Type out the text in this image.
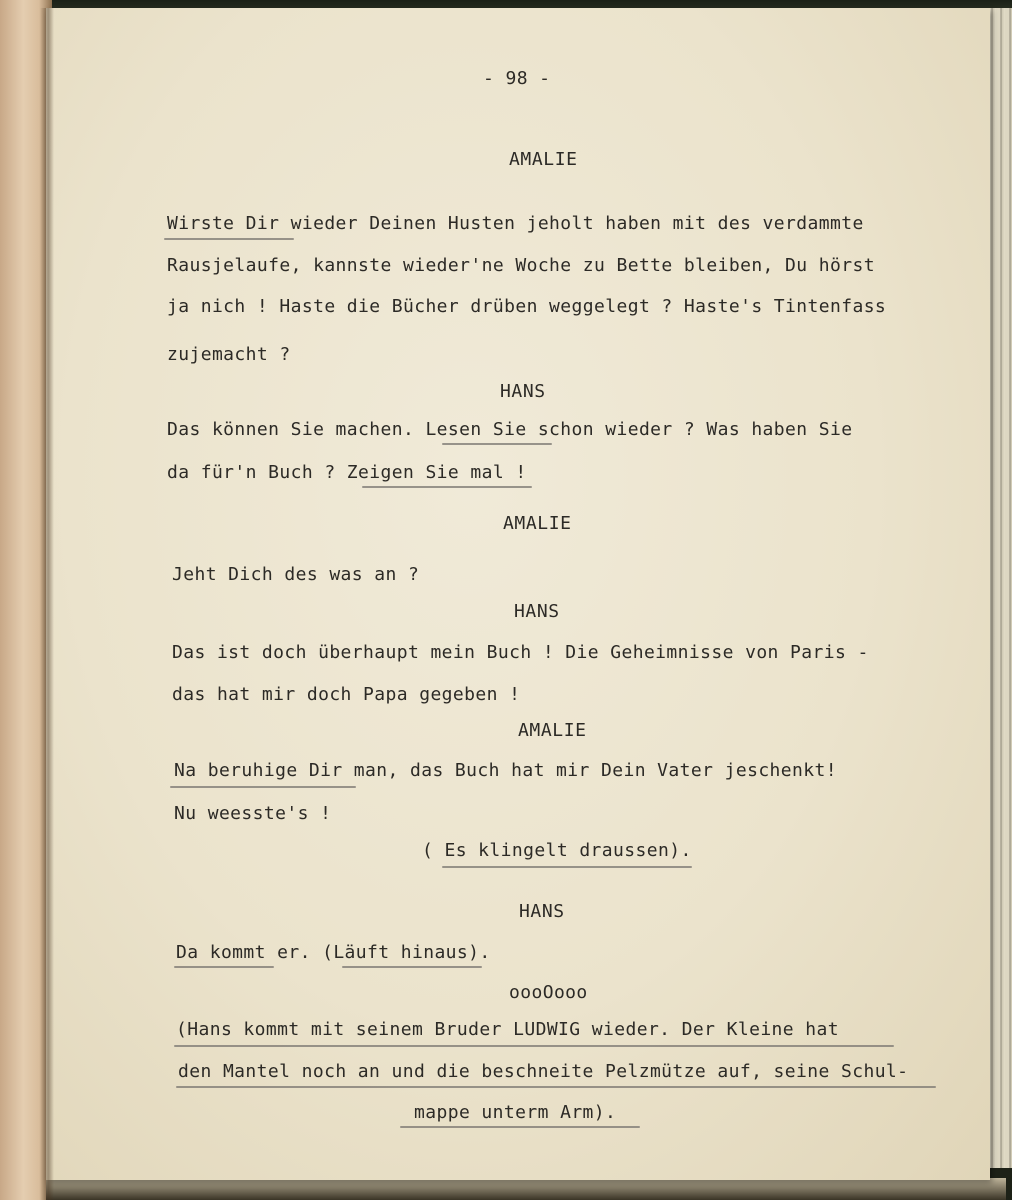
- 98 -

AMALIE

Wirste Dir wieder Deinen Husten jeholt haben mit des verdammte

Rausjelaufe, kannste wieder'ne Woche zu Bette bleiben, Du hörst

ja nich ! Haste die Bücher drüben weggelegt ? Haste's Tintenfass

zujemacht ?

HANS

Das können Sie machen. Lesen Sie schon wieder ? Was haben Sie

da für'n Buch ? Zeigen Sie mal !

AMALIE

Jeht Dich des was an ?

HANS

Das ist doch überhaupt mein Buch ! Die Geheimnisse von Paris -

das hat mir doch Papa gegeben !

AMALIE

Na beruhige Dir man, das Buch hat mir Dein Vater jeschenkt!

Nu weesste's !

( Es klingelt draussen).

HANS

Da kommt er. (Läuft hinaus).

oooOooo

(Hans kommt mit seinem Bruder LUDWIG wieder. Der Kleine hat

den Mantel noch an und die beschneite Pelzmütze auf, seine Schul-

mappe unterm Arm).
